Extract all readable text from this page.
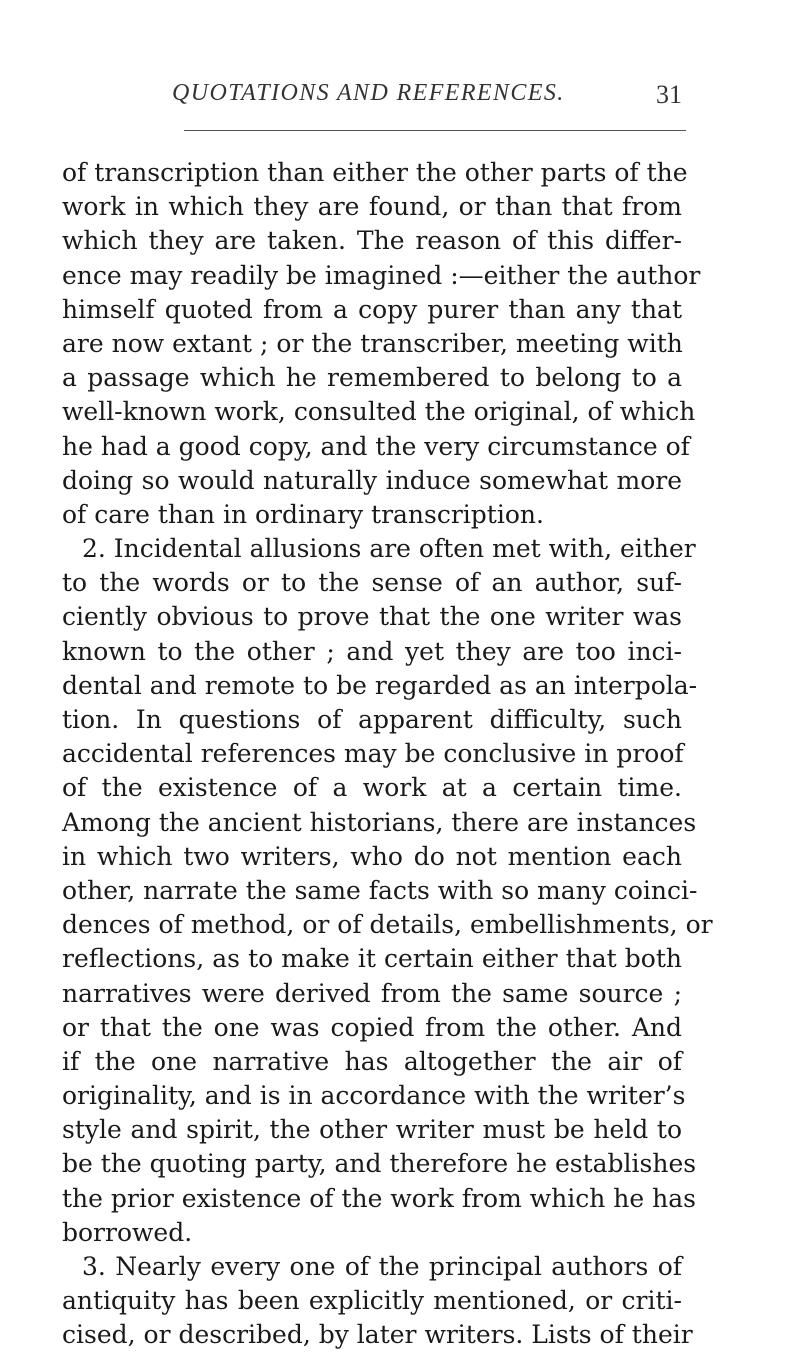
QUOTATIONS AND REFERENCES.	31
of transcription than either the other parts of the
work in which they are found, or than that from
which they are taken. The reason of this differ-
ence may readily be imagined :—either the author
himself quoted from a copy purer than any that
are now extant ; or the transcriber, meeting with
a passage which he remembered to belong to a
well-known work, consulted the original, of which
he had a good copy, and the very circumstance of
doing so would naturally induce somewhat more
of care than in ordinary transcription.
2. Incidental allusions are often met with, either
to the words or to the sense of an author, suf-
ciently obvious to prove that the one writer was
known to the other ; and yet they are too inci-
dental and remote to be regarded as an interpola-
tion. In questions of apparent difficulty, such
accidental references may be conclusive in proof
of the existence of a work at a certain time.
Among the ancient historians, there are instances
in which two writers, who do not mention each
other, narrate the same facts with so many coinci-
dences of method, or of details, embellishments, or
reflections, as to make it certain either that both
narratives were derived from the same source ;
or that the one was copied from the other. And
if the one narrative has altogether the air of
originality, and is in accordance with the writer’s
style and spirit, the other writer must be held to
be the quoting party, and therefore he establishes
the prior existence of the work from which he has
borrowed.
3. Nearly every one of the principal authors of
antiquity has been explicitly mentioned, or criti-
cised, or described, by later writers. Lists of their
